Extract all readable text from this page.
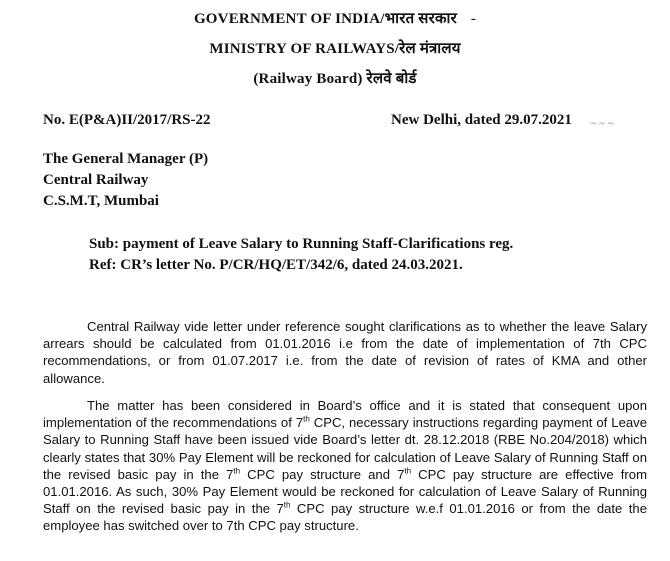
GOVERNMENT OF INDIA/भारत सरकार -
MINISTRY OF RAILWAYS/रेल मंत्रालय
(Railway Board) रेलवे बोर्ड
No. E(P&A)II/2017/RS-22	New Delhi, dated 29.07.2021 ~ ~ ~
The General Manager (P)
Central Railway
C.S.M.T, Mumbai
Sub: payment of Leave Salary to Running Staff-Clarifications reg.
Ref: CR’s letter No. P/CR/HQ/ET/342/6, dated 24.03.2021.

Central Railway vide letter under reference sought clarifications as to whether the leave Salary arrears should be calculated from 01.01.2016 i.e from the date of implementation of 7th CPC recommendations, or from 01.07.2017 i.e. from the date of revision of rates of KMA and other allowance.

The matter has been considered in Board’s office and it is stated that consequent upon implementation of the recommendations of 7th CPC, necessary instructions regarding payment of Leave Salary to Running Staff have been issued vide Board’s letter dt. 28.12.2018 (RBE No.204/2018) which clearly states that 30% Pay Element will be reckoned for calculation of Leave Salary of Running Staff on the revised basic pay in the 7th CPC pay structure and 7th CPC pay structure are effective from 01.01.2016. As such, 30% Pay Element would be reckoned for calculation of Leave Salary of Running Staff on the revised basic pay in the 7th CPC pay structure w.e.f 01.01.2016 or from the date the employee has switched over to 7th CPC pay structure.
